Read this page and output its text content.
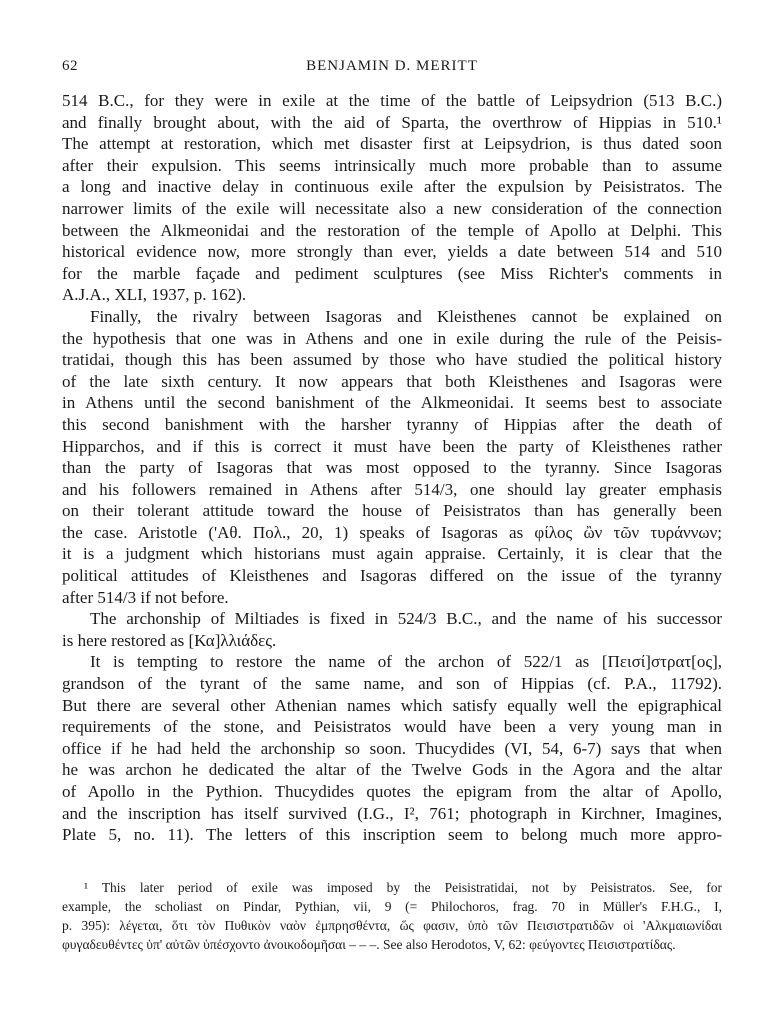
62	BENJAMIN D. MERITT
514 B.C., for they were in exile at the time of the battle of Leipsydrion (513 B.C.)
and finally brought about, with the aid of Sparta, the overthrow of Hippias in 510.¹
The attempt at restoration, which met disaster first at Leipsydrion, is thus dated soon
after their expulsion. This seems intrinsically much more probable than to assume
a long and inactive delay in continuous exile after the expulsion by Peisistratos. The
narrower limits of the exile will necessitate also a new consideration of the connection
between the Alkmeonidai and the restoration of the temple of Apollo at Delphi. This
historical evidence now, more strongly than ever, yields a date between 514 and 510
for the marble façade and pediment sculptures (see Miss Richter's comments in
A.J.A., XLI, 1937, p. 162).
Finally, the rivalry between Isagoras and Kleisthenes cannot be explained on
the hypothesis that one was in Athens and one in exile during the rule of the Peisis-
tratidai, though this has been assumed by those who have studied the political history
of the late sixth century. It now appears that both Kleisthenes and Isagoras were
in Athens until the second banishment of the Alkmeonidai. It seems best to associate
this second banishment with the harsher tyranny of Hippias after the death of
Hipparchos, and if this is correct it must have been the party of Kleisthenes rather
than the party of Isagoras that was most opposed to the tyranny. Since Isagoras
and his followers remained in Athens after 514/3, one should lay greater emphasis
on their tolerant attitude toward the house of Peisistratos than has generally been
the case. Aristotle ('Αθ. Πολ., 20, 1) speaks of Isagoras as φίλος ὢν τῶν τυράννων;
it is a judgment which historians must again appraise. Certainly, it is clear that the
political attitudes of Kleisthenes and Isagoras differed on the issue of the tyranny
after 514/3 if not before.
The archonship of Miltiades is fixed in 524/3 B.C., and the name of his successor
is here restored as [Κα]λλιάδες.
It is tempting to restore the name of the archon of 522/1 as [Πεισί]στρατ[ος],
grandson of the tyrant of the same name, and son of Hippias (cf. P.A., 11792).
But there are several other Athenian names which satisfy equally well the epigraphical
requirements of the stone, and Peisistratos would have been a very young man in
office if he had held the archonship so soon. Thucydides (VI, 54, 6-7) says that when
he was archon he dedicated the altar of the Twelve Gods in the Agora and the altar
of Apollo in the Pythion. Thucydides quotes the epigram from the altar of Apollo,
and the inscription has itself survived (I.G., I², 761; photograph in Kirchner, Imagines,
Plate 5, no. 11). The letters of this inscription seem to belong much more appro-
¹ This later period of exile was imposed by the Peisistratidai, not by Peisistratos. See, for
example, the scholiast on Pindar, Pythian, vii, 9 (= Philochoros, frag. 70 in Müller's F.H.G., I,
p. 395): λέγεται, ὅτι τὸν Πυθικὸν ναὸν ἐμπρησθέντα, ὥς φασιν, ὑπὸ τῶν Πεισιστρατιδῶν οἱ 'Αλκμαιωνίδαι
φυγαδευθέντες ὑπ' αὐτῶν ὑπέσχοντο ἀνοικοδομῆσαι – – –. See also Herodotos, V, 62: φεύγοντες Πεισιστρατίδας.
